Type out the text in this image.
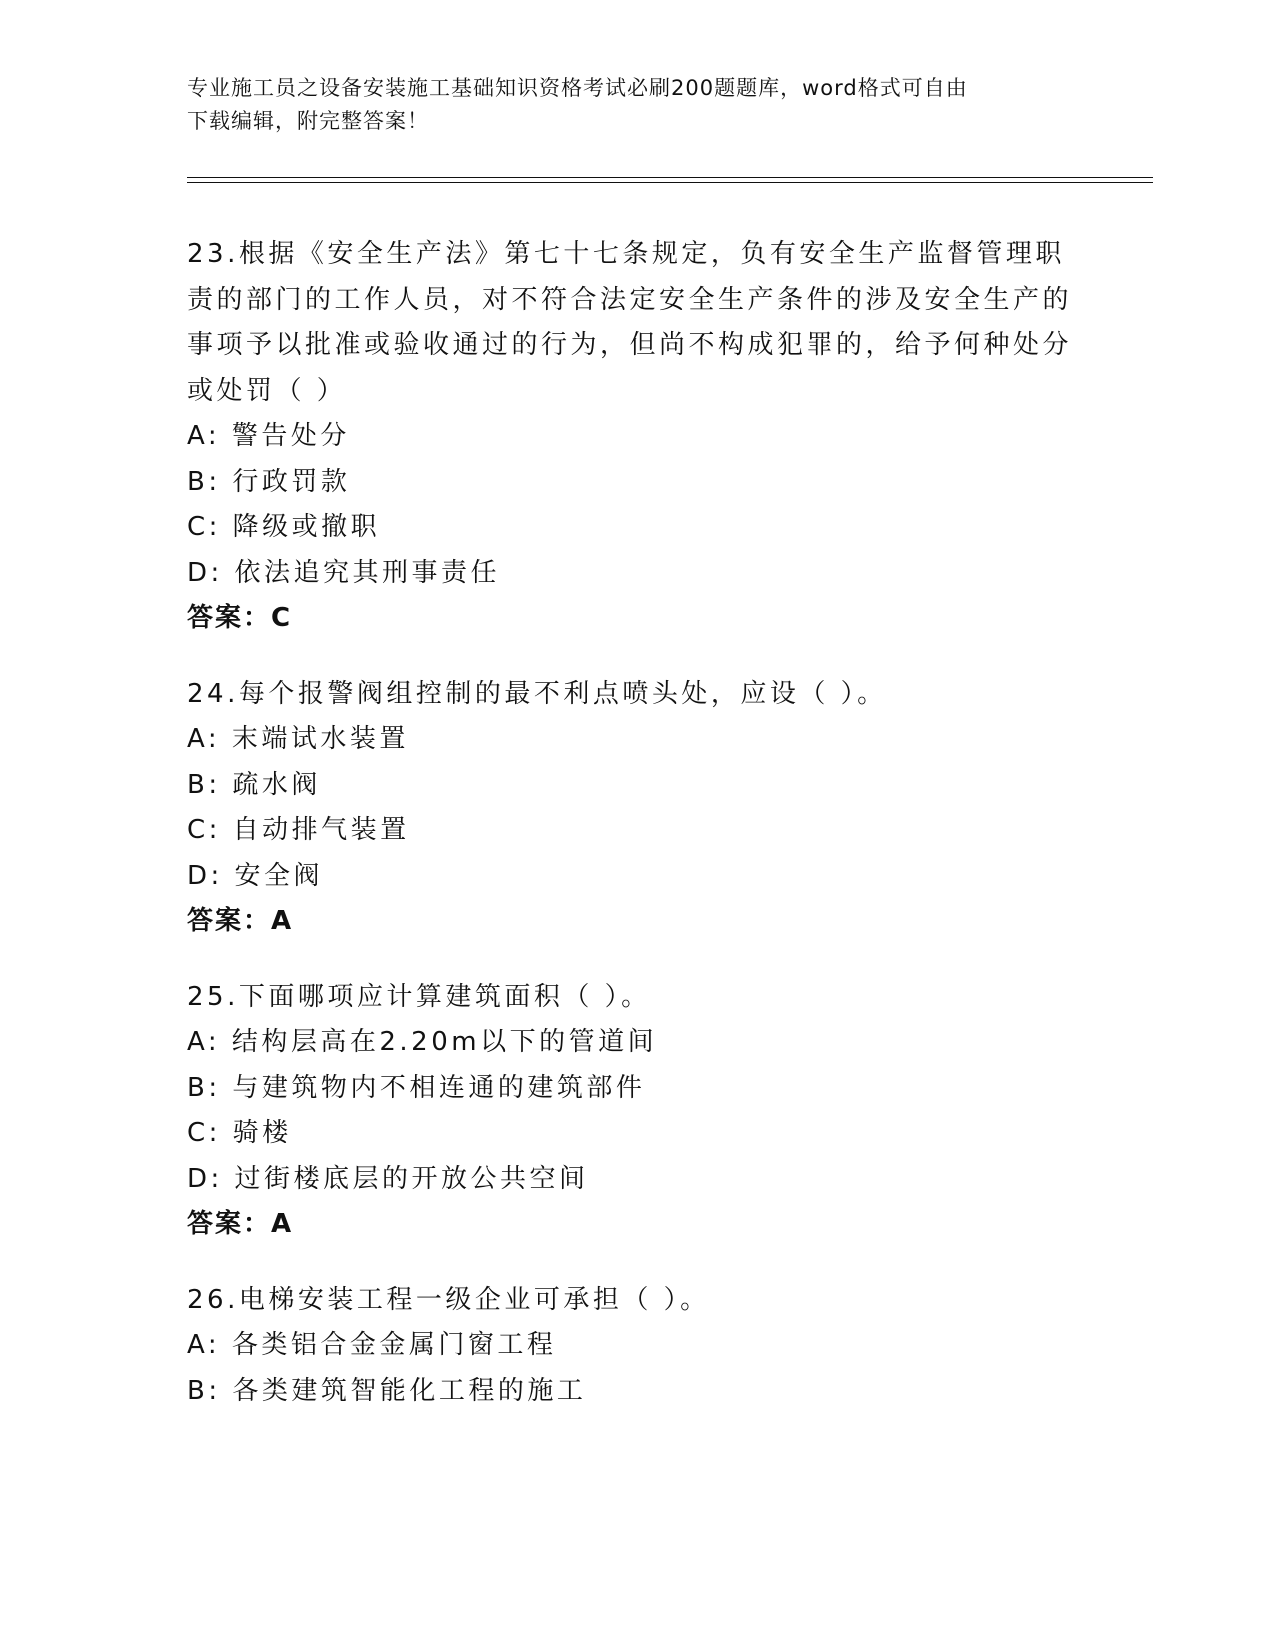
专业施工员之设备安装施工基础知识资格考试必刷200题题库，word格式可自由
下载编辑，附完整答案！

23.根据《安全生产法》第七十七条规定，负有安全生产监督管理职责的部门的工作人员，对不符合法定安全生产条件的涉及安全生产的事项予以批准或验收通过的行为，但尚不构成犯罪的，给予何种处分或处罚（ ）

A: 警告处分

B: 行政罚款

C: 降级或撤职

D: 依法追究其刑事责任

答案：C

24.每个报警阀组控制的最不利点喷头处，应设（ ）。

A: 末端试水装置

B: 疏水阀

C: 自动排气装置

D: 安全阀

答案：A

25.下面哪项应计算建筑面积（ ）。

A: 结构层高在2.20m以下的管道间

B: 与建筑物内不相连通的建筑部件

C: 骑楼

D: 过街楼底层的开放公共空间

答案：A

26.电梯安装工程一级企业可承担（ ）。

A: 各类铝合金金属门窗工程

B: 各类建筑智能化工程的施工
